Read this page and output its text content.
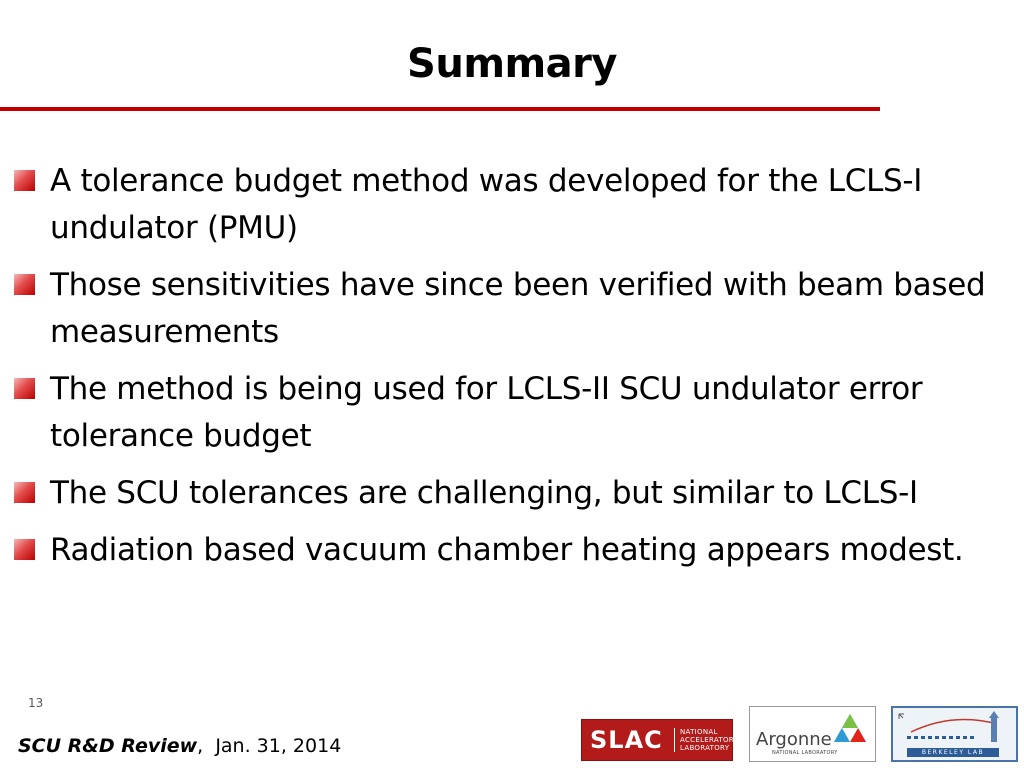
Summary
A tolerance budget method was developed for the LCLS-I undulator (PMU)
Those sensitivities have since been verified with beam based measurements
The method is being used for LCLS-II SCU undulator error tolerance budget
The SCU tolerances are challenging, but similar to LCLS-I
Radiation based vacuum chamber heating appears modest.
13
SCU R&D Review, Jan. 31, 2014	SLAC	NATIONAL ACCELERATOR LABORATORY Argonne
NATIONAL LABORATORY	BERKELEY LAB
